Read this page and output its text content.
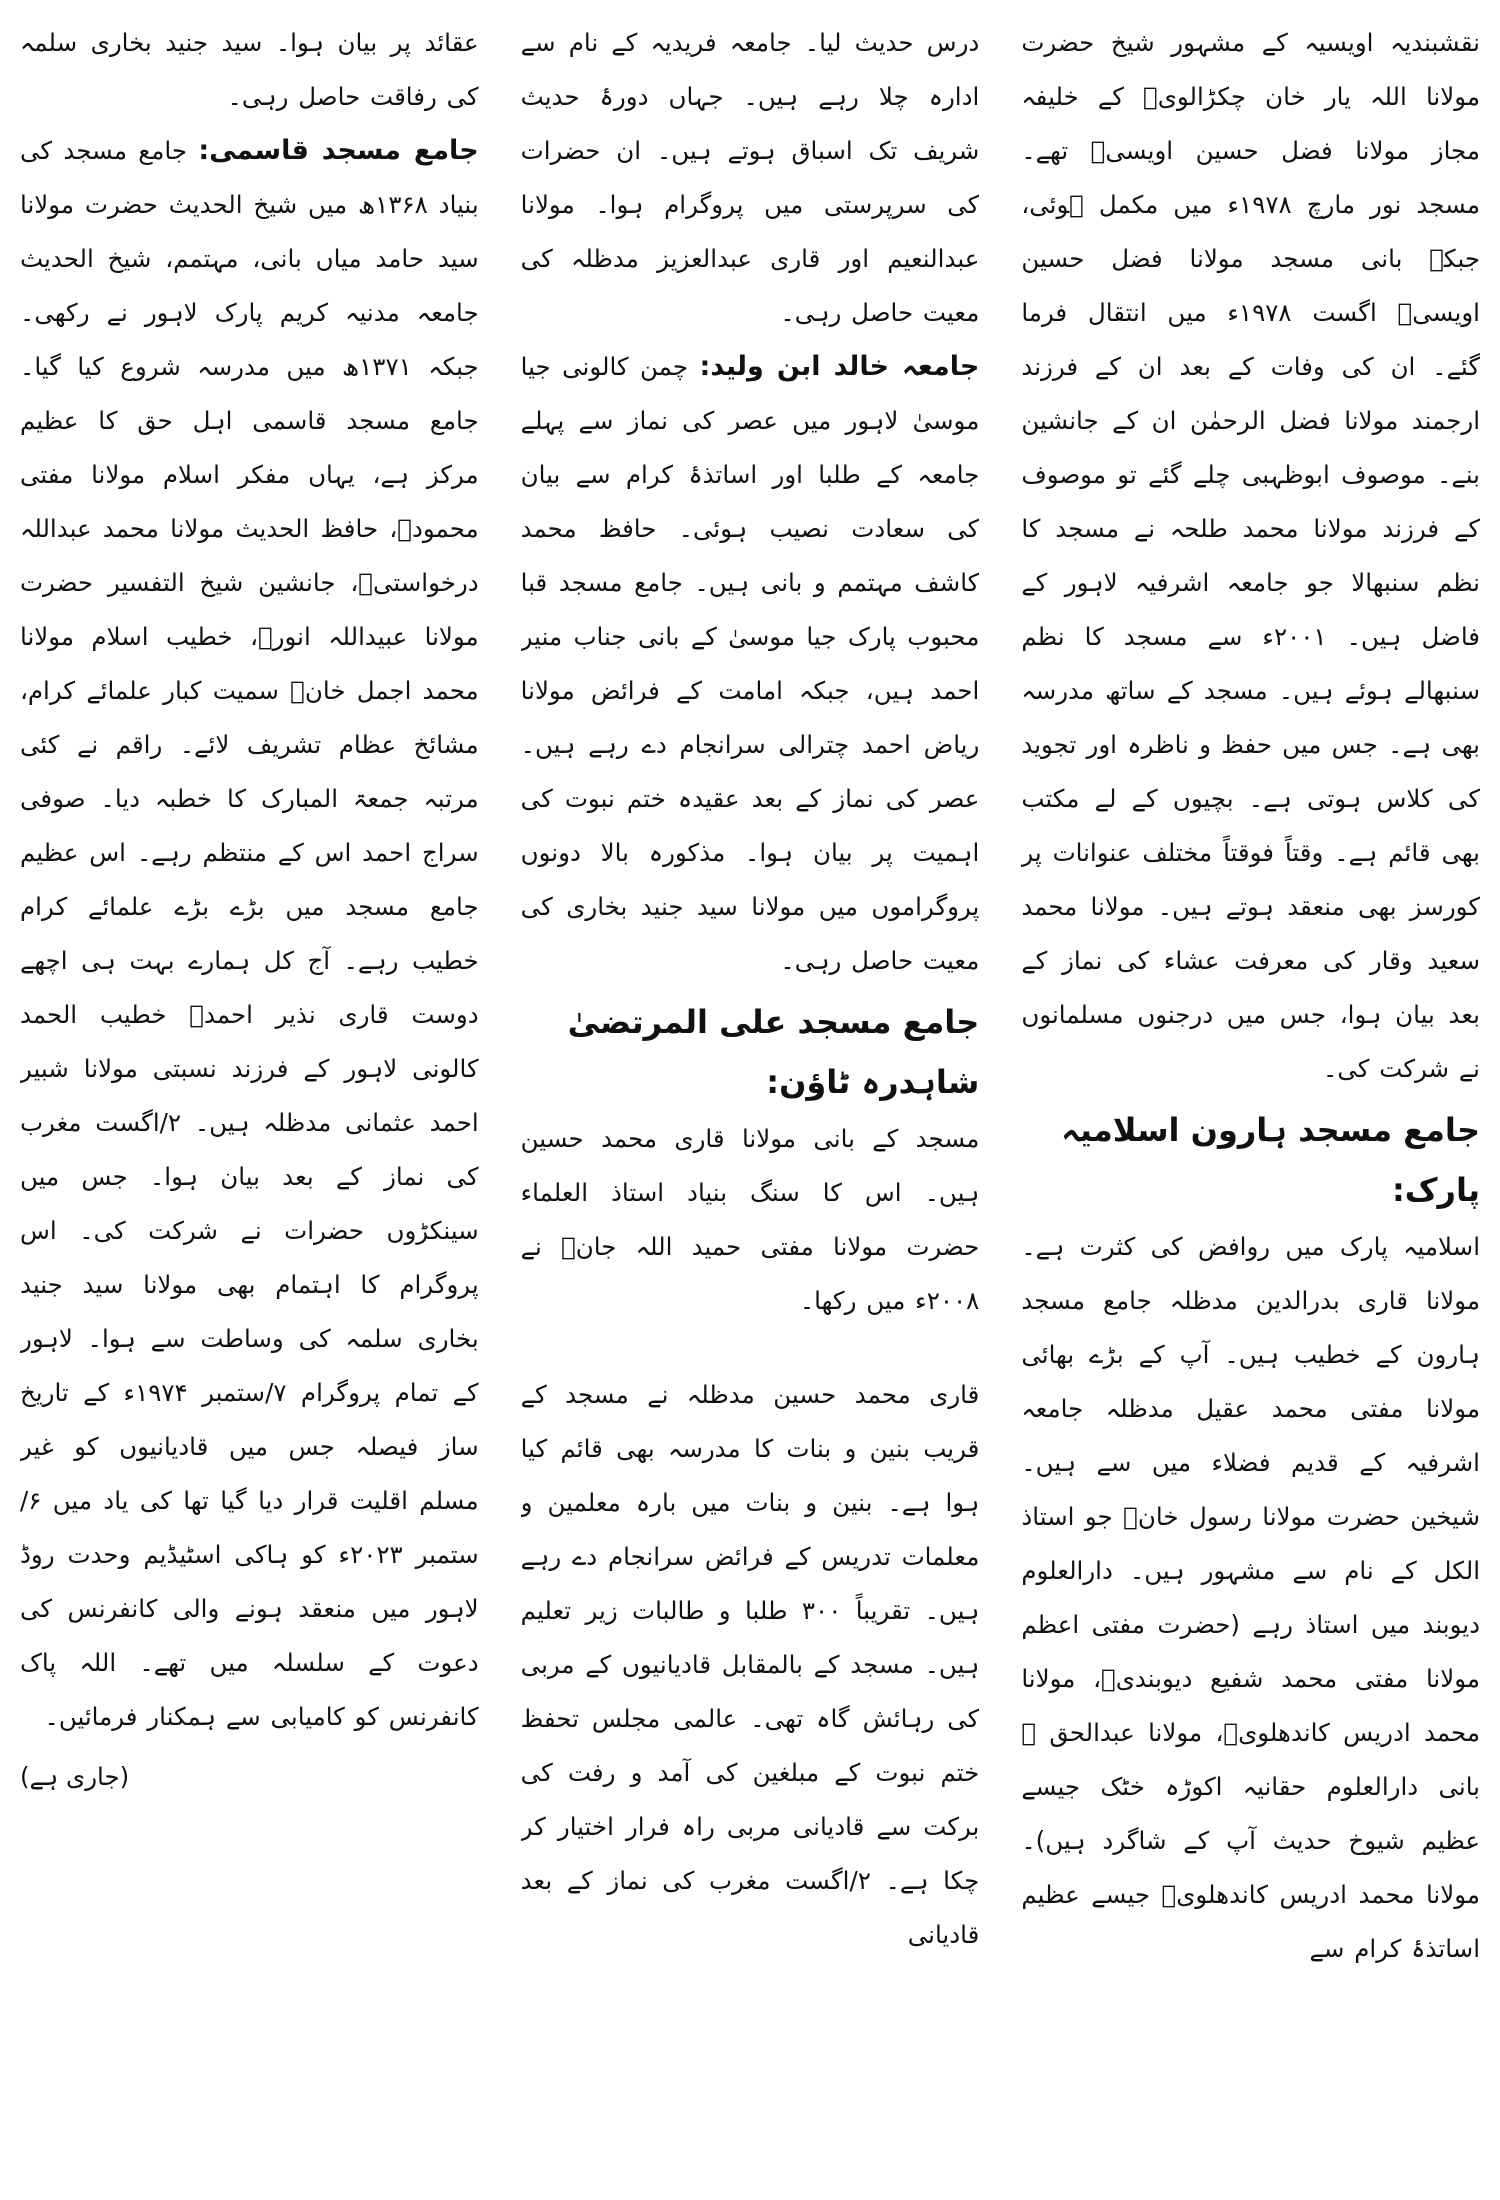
نقشبندیہ اویسیہ کے مشہور شیخ حضرت مولانا اللہ یار خان چکڑالویؒ کے خلیفہ مجاز مولانا فضل حسین اویسیؒ تھے۔ مسجد نور مارچ ۱۹۷۸ء میں مکمل ہوئی، جبکہ بانی مسجد مولانا فضل حسین اویسیؒ اگست ۱۹۷۸ء میں انتقال فرما گئے۔ ان کی وفات کے بعد ان کے فرزند ارجمند مولانا فضل الرحمٰن ان کے جانشین بنے۔ موصوف ابوظہبی چلے گئے تو موصوف کے فرزند مولانا محمد طلحہ نے مسجد کا نظم سنبھالا جو جامعہ اشرفیہ لاہور کے فاضل ہیں۔ ۲۰۰۱ء سے مسجد کا نظم سنبھالے ہوئے ہیں۔ مسجد کے ساتھ مدرسہ بھی ہے۔ جس میں حفظ و ناظرہ اور تجوید کی کلاس ہوتی ہے۔ بچیوں کے لے مکتب بھی قائم ہے۔ وقتاً فوقتاً مختلف عنوانات پر کورسز بھی منعقد ہوتے ہیں۔ مولانا محمد سعید وقار کی معرفت عشاء کی نماز کے بعد بیان ہوا، جس میں درجنوں مسلمانوں نے شرکت کی۔

جامع مسجد ہارون اسلامیہ پارک:

اسلامیہ پارک میں روافض کی کثرت ہے۔ مولانا قاری بدرالدین مدظلہ جامع مسجد ہارون کے خطیب ہیں۔ آپ کے بڑے بھائی مولانا مفتی محمد عقیل مدظلہ جامعہ اشرفیہ کے قدیم فضلاء میں سے ہیں۔ شیخین حضرت مولانا رسول خانؒ جو استاذ الکل کے نام سے مشہور ہیں۔ دارالعلوم دیوبند میں استاذ رہے (حضرت مفتی اعظم مولانا مفتی محمد شفیع دیوبندیؒ، مولانا محمد ادریس کاندھلویؒ، مولانا عبدالحق ؒ بانی دارالعلوم حقانیہ اکوڑہ خٹک جیسے عظیم شیوخ حدیث آپ کے شاگرد ہیں)۔ مولانا محمد ادریس کاندھلویؒ جیسے عظیم اساتذۂ کرام سے

درس حدیث لیا۔ جامعہ فریدیہ کے نام سے ادارہ چلا رہے ہیں۔ جہاں دورۂ حدیث شریف تک اسباق ہوتے ہیں۔ ان حضرات کی سرپرستی میں پروگرام ہوا۔ مولانا عبدالنعیم اور قاری عبدالعزیز مدظلہ کی معیت حاصل رہی۔

جامعہ خالد ابن ولید: چمن کالونی جیا موسیٰ لاہور میں عصر کی نماز سے پہلے جامعہ کے طلبا اور اساتذۂ کرام سے بیان کی سعادت نصیب ہوئی۔ حافظ محمد کاشف مہتمم و بانی ہیں۔ جامع مسجد قبا محبوب پارک جیا موسیٰ کے بانی جناب منیر احمد ہیں، جبکہ امامت کے فرائض مولانا ریاض احمد چترالی سرانجام دے رہے ہیں۔ عصر کی نماز کے بعد عقیدہ ختم نبوت کی اہمیت پر بیان ہوا۔ مذکورہ بالا دونوں پروگراموں میں مولانا سید جنید بخاری کی معیت حاصل رہی۔

جامع مسجد علی المرتضیٰ شاہدرہ ٹاؤن:

مسجد کے بانی مولانا قاری محمد حسین ہیں۔ اس کا سنگ بنیاد استاذ العلماء حضرت مولانا مفتی حمید اللہ جانؒ نے ۲۰۰۸ء میں رکھا۔

قاری محمد حسین مدظلہ نے مسجد کے قریب بنین و بنات کا مدرسہ بھی قائم کیا ہوا ہے۔ بنین و بنات میں بارہ معلمین و معلمات تدریس کے فرائض سرانجام دے رہے ہیں۔ تقریباً ۳۰۰ طلبا و طالبات زیر تعلیم ہیں۔ مسجد کے بالمقابل قادیانیوں کے مربی کی رہائش گاہ تھی۔ عالمی مجلس تحفظ ختم نبوت کے مبلغین کی آمد و رفت کی برکت سے قادیانی مربی راہ فرار اختیار کر چکا ہے۔ ۲/اگست مغرب کی نماز کے بعد قادیانی

عقائد پر بیان ہوا۔ سید جنید بخاری سلمہ کی رفاقت حاصل رہی۔

جامع مسجد قاسمی: جامع مسجد کی بنیاد ۱۳۶۸ھ میں شیخ الحدیث حضرت مولانا سید حامد میاں بانی، مہتمم، شیخ الحدیث جامعہ مدنیہ کریم پارک لاہور نے رکھی۔ جبکہ ۱۳۷۱ھ میں مدرسہ شروع کیا گیا۔ جامع مسجد قاسمی اہل حق کا عظیم مرکز ہے، یہاں مفکر اسلام مولانا مفتی محمودؒ، حافظ الحدیث مولانا محمد عبداللہ درخواستیؒ، جانشین شیخ التفسیر حضرت مولانا عبیداللہ انورؒ، خطیب اسلام مولانا محمد اجمل خانؒ سمیت کبار علمائے کرام، مشائخ عظام تشریف لائے۔ راقم نے کئی مرتبہ جمعۃ المبارک کا خطبہ دیا۔ صوفی سراج احمد اس کے منتظم رہے۔ اس عظیم جامع مسجد میں بڑے بڑے علمائے کرام خطیب رہے۔ آج کل ہمارے بہت ہی اچھے دوست قاری نذیر احمدؒ خطیب الحمد کالونی لاہور کے فرزند نسبتی مولانا شبیر احمد عثمانی مدظلہ ہیں۔ ۲/اگست مغرب کی نماز کے بعد بیان ہوا۔ جس میں سینکڑوں حضرات نے شرکت کی۔ اس پروگرام کا اہتمام بھی مولانا سید جنید بخاری سلمہ کی وساطت سے ہوا۔ لاہور کے تمام پروگرام ۷/ستمبر ۱۹۷۴ء کے تاریخ ساز فیصلہ جس میں قادیانیوں کو غیر مسلم اقلیت قرار دیا گیا تھا کی یاد میں ۶/ستمبر ۲۰۲۳ء کو ہاکی اسٹیڈیم وحدت روڈ لاہور میں منعقد ہونے والی کانفرنس کی دعوت کے سلسلہ میں تھے۔ اللہ پاک کانفرنس کو کامیابی سے ہمکنار فرمائیں۔

(جاری ہے)
